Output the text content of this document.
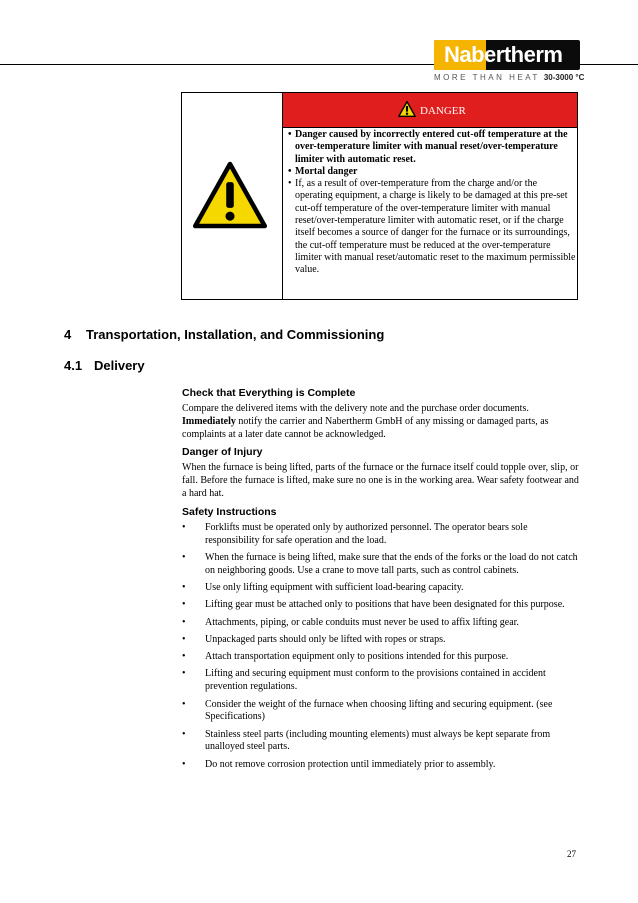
Nabertherm
MORE THAN HEAT 30-3000 °C
DANGER
• Danger caused by incorrectly entered cut-off temperature at the over-temperature limiter with manual reset/over-temperature limiter with automatic reset.
• Mortal danger
• If, as a result of over-temperature from the charge and/or the operating equipment, a charge is likely to be damaged at this pre-set cut-off temperature of the over-temperature limiter with manual reset/over-temperature limiter with automatic reset, or if the charge itself becomes a source of danger for the furnace or its surroundings, the cut-off temperature must be reduced at the over-temperature limiter with manual reset/automatic reset to the maximum permissible value.
4 Transportation, Installation, and Commissioning
4.1 Delivery
Check that Everything is Complete

Compare the delivered items with the delivery note and the purchase order documents. Immediately notify the carrier and Nabertherm GmbH of any missing or damaged parts, as complaints at a later date cannot be acknowledged.

Danger of Injury

When the furnace is being lifted, parts of the furnace or the furnace itself could topple over, slip, or fall. Before the furnace is lifted, make sure no one is in the working area. Wear safety footwear and a hard hat.

Safety Instructions
• Forklifts must be operated only by authorized personnel. The operator bears sole responsibility for safe operation and the load.
• When the furnace is being lifted, make sure that the ends of the forks or the load do not catch on neighboring goods. Use a crane to move tall parts, such as control cabinets.
• Use only lifting equipment with sufficient load-bearing capacity.
• Lifting gear must be attached only to positions that have been designated for this purpose.
• Attachments, piping, or cable conduits must never be used to affix lifting gear.
• Unpackaged parts should only be lifted with ropes or straps.
• Attach transportation equipment only to positions intended for this purpose.
• Lifting and securing equipment must conform to the provisions contained in accident prevention regulations.
• Consider the weight of the furnace when choosing lifting and securing equipment. (see Specifications)
• Stainless steel parts (including mounting elements) must always be kept separate from unalloyed steel parts.
• Do not remove corrosion protection until immediately prior to assembly.
27
